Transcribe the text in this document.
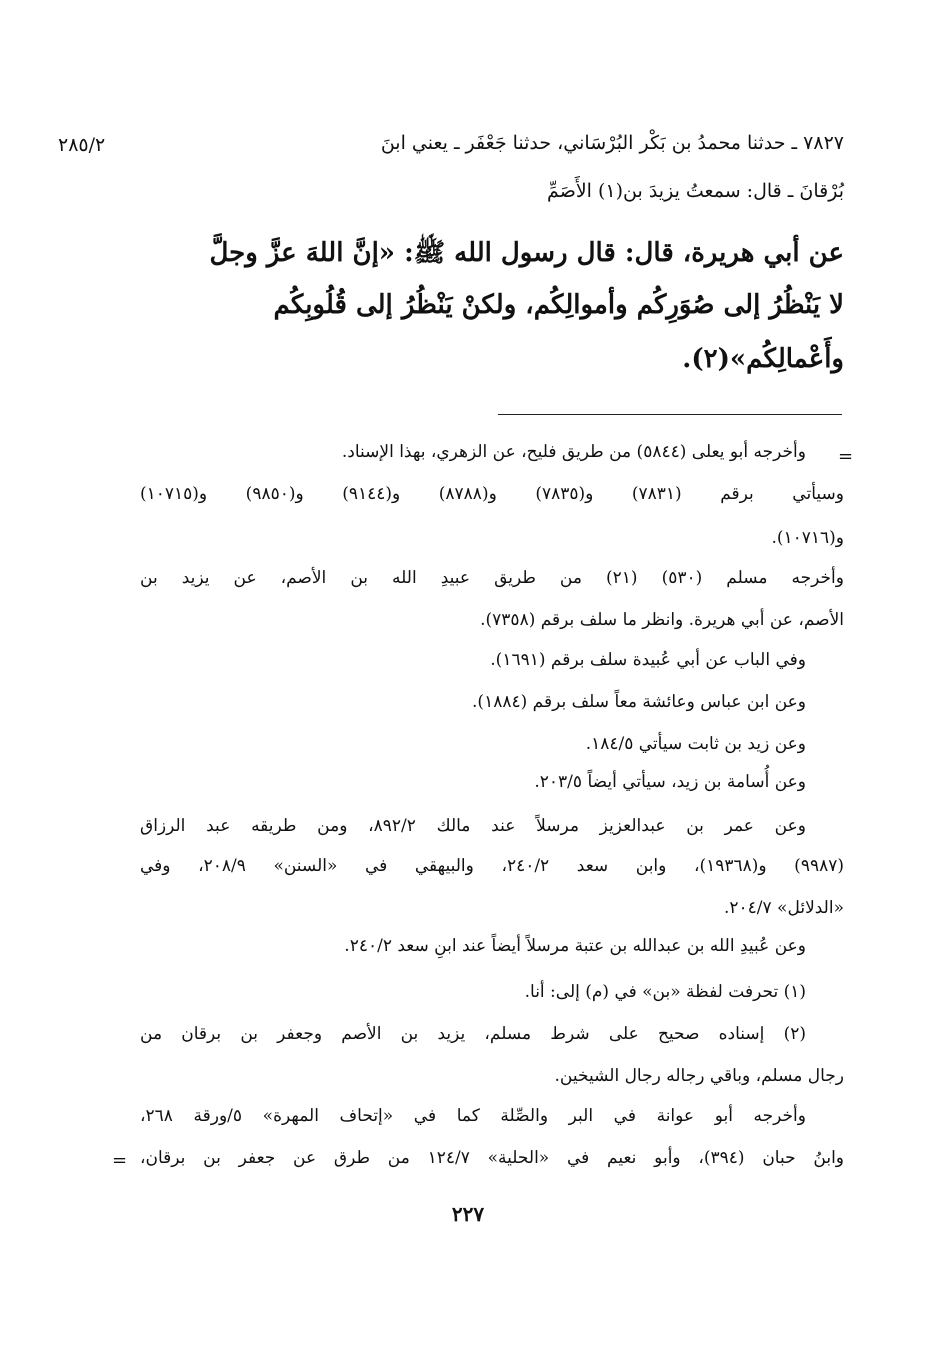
٢٨٥/٢	٧٨٢٧ ـ حدثنا محمدُ بن بَكْر البُرْسَاني، حدثنا جَعْفَر ـ يعني ابنَ
بُرْقانَ ـ قال: سمعتُ يزيدَ بن(١) الأَصَمِّ
عن أبي هريرة، قال: قال رسول الله ﷺ: «إنَّ اللهَ عزَّ وجلَّ
لا يَنْظُرُ إلى صُوَرِكُم وأموالِكُم، ولكنْ يَنْظُرُ إلى قُلُوبِكُم
وأَعْمالِكُم»(٢).
=
وأخرجه أبو يعلى (٥٨٤٤) من طريق فليح، عن الزهري، بهذا الإسناد.
وسيأتي برقم (٧٨٣١) و(٧٨٣٥) و(٨٧٨٨) و(٩١٤٤) و(٩٨٥٠) و(١٠٧١٥)
و(١٠٧١٦).
وأخرجه مسلم (٥٣٠) (٢١) من طريق عبيدِ الله بن الأصم، عن يزيد بن
الأصم، عن أبي هريرة. وانظر ما سلف برقم (٧٣٥٨).
وفي الباب عن أبي عُبيدة سلف برقم (١٦٩١).
وعن ابن عباس وعائشة معاً سلف برقم (١٨٨٤).
وعن زيد بن ثابت سيأتي ١٨٤/٥.
وعن أُسامة بن زيد، سيأتي أيضاً ٢٠٣/٥.
وعن عمر بن عبدالعزيز مرسلاً عند مالك ٨٩٢/٢، ومن طريقه عبد الرزاق
(٩٩٨٧) و(١٩٣٦٨)، وابن سعد ٢٤٠/٢، والبيهقي في «السنن» ٢٠٨/٩، وفي
«الدلائل» ٢٠٤/٧.
وعن عُبيدِ الله بن عبدالله بن عتبة مرسلاً أيضاً عند ابنِ سعد ٢٤٠/٢.
(١) تحرفت لفظة «بن» في (م) إلى: أنا.
(٢) إسناده صحيح على شرط مسلم، يزيد بن الأصم وجعفر بن برقان من
رجال مسلم، وباقي رجاله رجال الشيخين.
وأخرجه أبو عوانة في البر والصِّلة كما في «إتحاف المهرة» ٥/ورقة ٢٦٨،
وابنُ حبان (٣٩٤)، وأبو نعيم في «الحلية» ١٢٤/٧ من طرق عن جعفر بن برقان،
=
٢٢٧
